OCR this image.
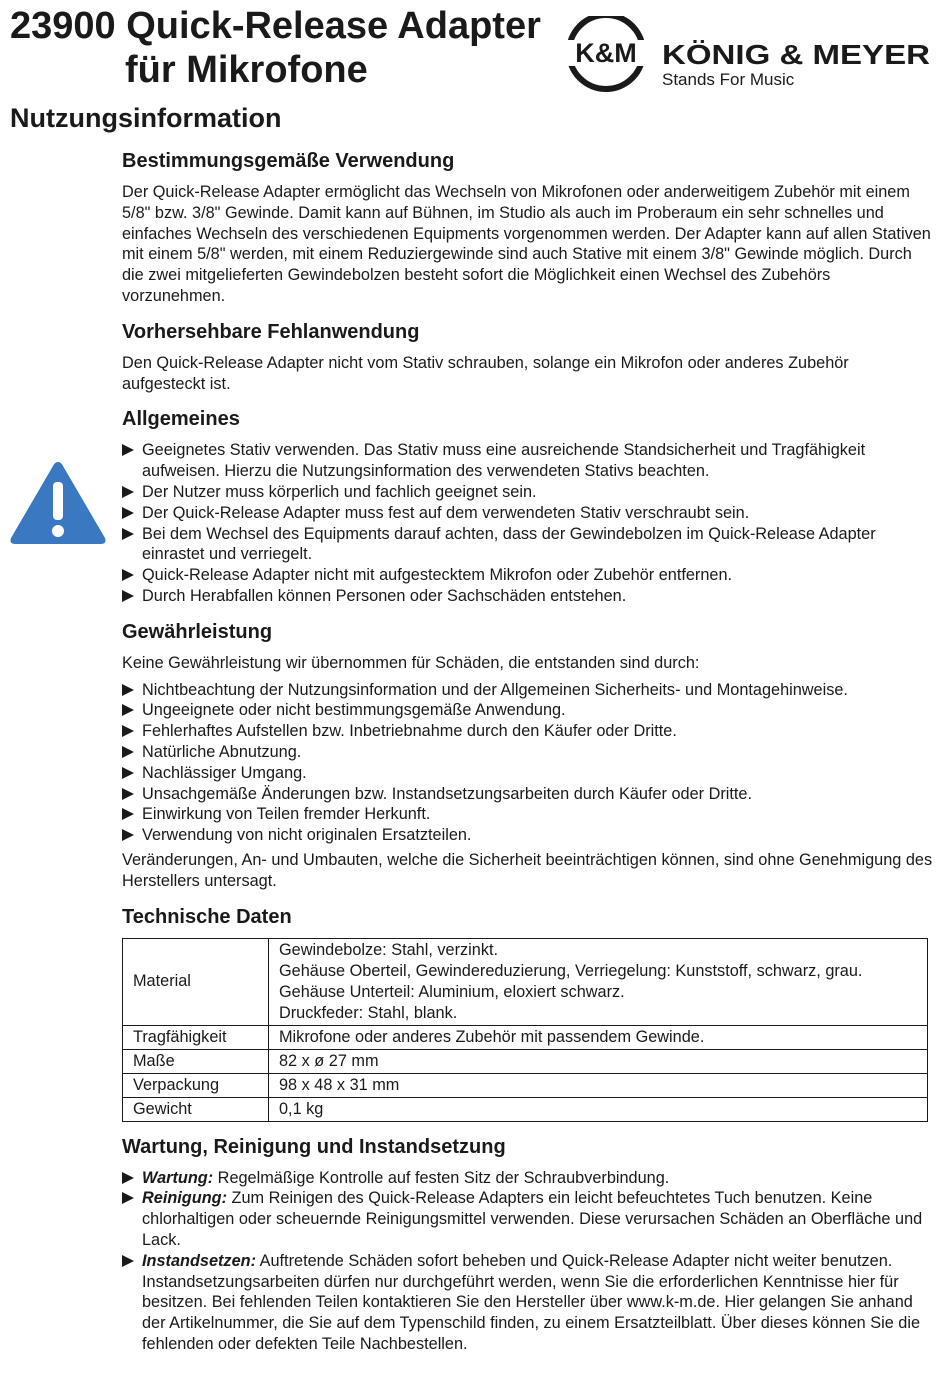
23900 Quick-Release Adapter
für Mikrofone	K&M KÖNIG & MEYER
Stands For Music
Nutzungsinformation
Bestimmungsgemäße Verwendung

Der Quick-Release Adapter ermöglicht das Wechseln von Mikrofonen oder anderweitigem Zubehör mit einem 5/8" bzw. 3/8" Gewinde. Damit kann auf Bühnen, im Studio als auch im Proberaum ein sehr schnelles und einfaches Wechseln des verschiedenen Equipments vorgenommen werden. Der Adapter kann auf allen Stativen mit einem 5/8" werden, mit einem Reduziergewinde sind auch Stative mit einem 3/8" Gewinde möglich. Durch die zwei mitgelieferten Gewindebolzen besteht sofort die Möglichkeit einen Wechsel des Zubehörs vorzunehmen.

Vorhersehbare Fehlanwendung

Den Quick-Release Adapter nicht vom Stativ schrauben, solange ein Mikrofon oder anderes Zubehör aufgesteckt ist.

Allgemeines
Geeignetes Stativ verwenden. Das Stativ muss eine ausreichende Standsicherheit und Tragfähigkeit aufweisen. Hierzu die Nutzungsinformation des verwendeten Stativs beachten.
Der Nutzer muss körperlich und fachlich geeignet sein.
Der Quick-Release Adapter muss fest auf dem verwendeten Stativ verschraubt sein.
Bei dem Wechsel des Equipments darauf achten, dass der Gewindebolzen im Quick-Release Adapter einrastet und verriegelt.
Quick-Release Adapter nicht mit aufgestecktem Mikrofon oder Zubehör entfernen.
Durch Herabfallen können Personen oder Sachschäden entstehen.
Gewährleistung

Keine Gewährleistung wir übernommen für Schäden, die entstanden sind durch:

Nichtbeachtung der Nutzungsinformation und der Allgemeinen Sicherheits- und Montagehinweise.
Ungeeignete oder nicht bestimmungsgemäße Anwendung.
Fehlerhaftes Aufstellen bzw. Inbetriebnahme durch den Käufer oder Dritte.
Natürliche Abnutzung.
Nachlässiger Umgang.
Unsachgemäße Änderungen bzw. Instandsetzungsarbeiten durch Käufer oder Dritte.
Einwirkung von Teilen fremder Herkunft.
Verwendung von nicht originalen Ersatzteilen.

Veränderungen, An- und Umbauten, welche die Sicherheit beeinträchtigen können, sind ohne Genehmigung des Herstellers untersagt.

Technische Daten
Material	Gewindebolze: Stahl, verzinkt.
Gehäuse Oberteil, Gewindereduzierung, Verriegelung: Kunststoff, schwarz, grau.
Gehäuse Unterteil: Aluminium, eloxiert schwarz.
Druckfeder: Stahl, blank.

Tragfähigkeit	Mikrofone oder anderes Zubehör mit passendem Gewinde.
Maße	82 x ø 27 mm
Verpackung	98 x 48 x 31 mm
Gewicht	0,1 kg
Wartung, Reinigung und Instandsetzung
Wartung: Regelmäßige Kontrolle auf festen Sitz der Schraubverbindung.
Reinigung: Zum Reinigen des Quick-Release Adapters ein leicht befeuchtetes Tuch benutzen. Keine chlorhaltigen oder scheuernde Reinigungsmittel verwenden. Diese verursachen Schäden an Oberfläche und Lack.
Instandsetzen: Auftretende Schäden sofort beheben und Quick-Release Adapter nicht weiter benutzen. Instandsetzungsarbeiten dürfen nur durchgeführt werden, wenn Sie die erforderlichen Kenntnisse hier für besitzen. Bei fehlenden Teilen kontaktieren Sie den Hersteller über www.k-m.de. Hier gelangen Sie anhand der Artikelnummer, die Sie auf dem Typenschild finden, zu einem Ersatzteilblatt. Über dieses können Sie die fehlenden oder defekten Teile Nachbestellen.
